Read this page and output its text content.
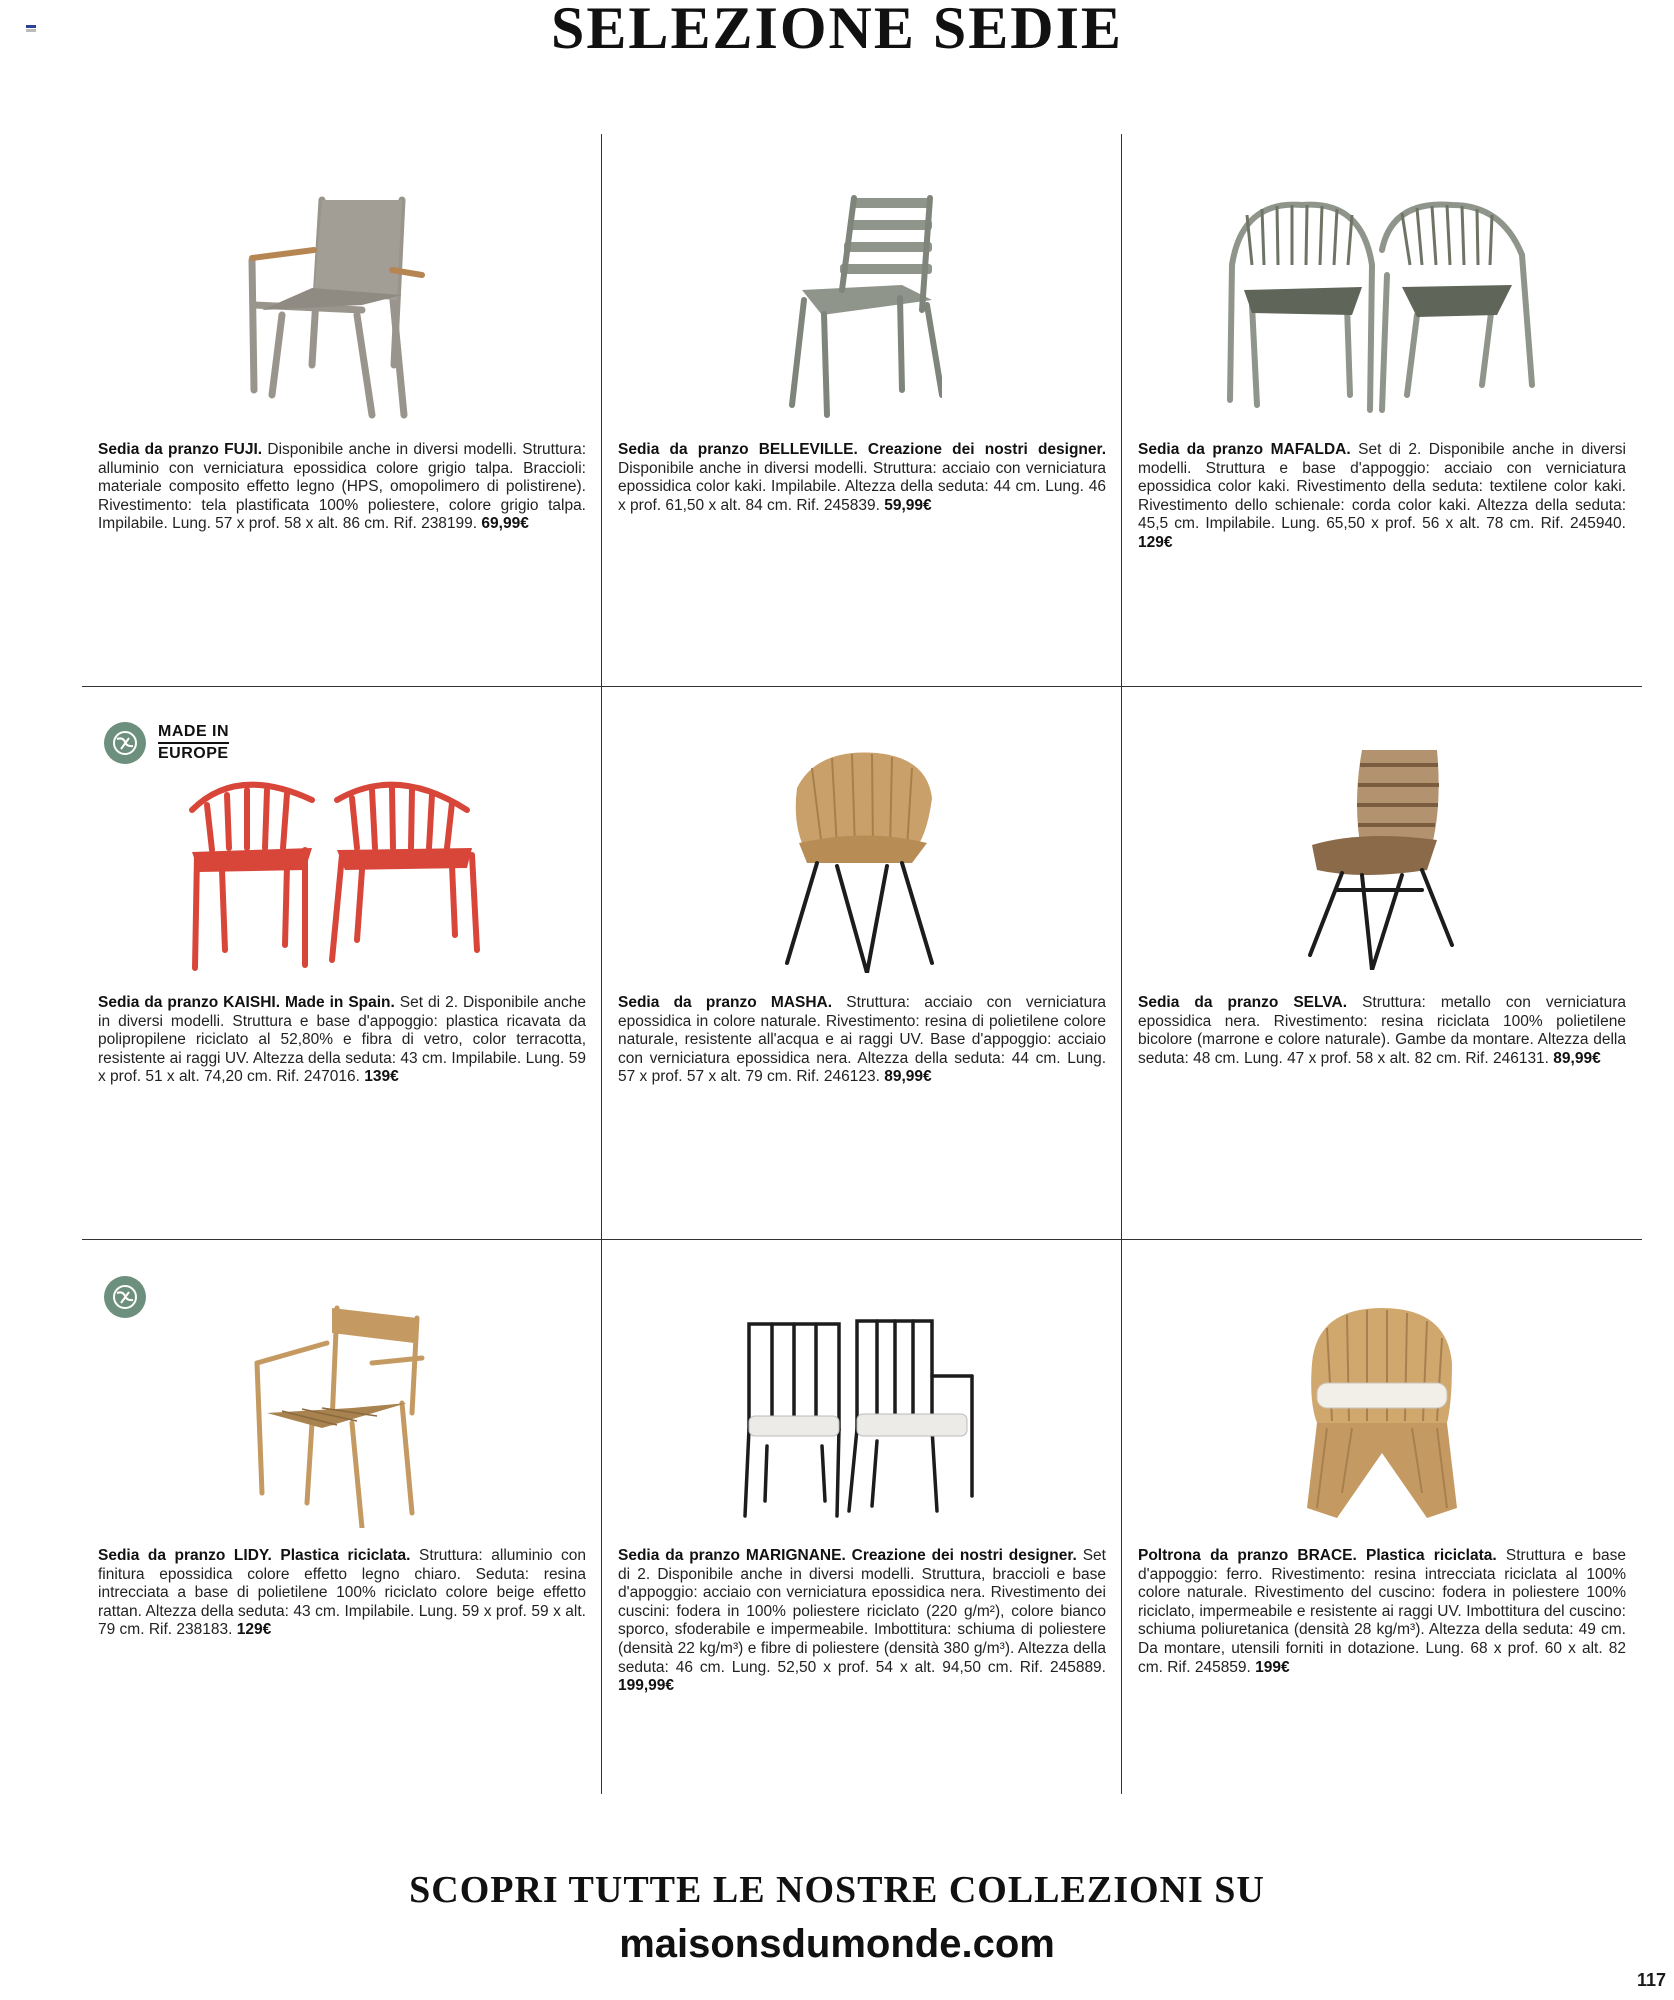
SELEZIONE SEDIE

Sedia da pranzo FUJI. Disponibile anche in diversi modelli. Struttura: alluminio con verniciatura epossidica colore grigio talpa. Braccioli: materiale composito effetto legno (HPS, omopolimero di polistirene). Rivestimento: tela plastificata 100% poliestere, colore grigio talpa. Impilabile. Lung. 57 x prof. 58 x alt. 86 cm. Rif. 238199. 69,99€

Sedia da pranzo BELLEVILLE. Creazione dei nostri designer. Disponibile anche in diversi modelli. Struttura: acciaio con verniciatura epossidica color kaki. Impilabile. Altezza della seduta: 44 cm. Lung. 46 x prof. 61,50 x alt. 84 cm. Rif. 245839. 59,99€

Sedia da pranzo MAFALDA. Set di 2. Disponibile anche in diversi modelli. Struttura e base d'appoggio: acciaio con verniciatura epossidica color kaki. Rivestimento della seduta: textilene color kaki. Rivestimento dello schienale: corda color kaki. Altezza della seduta: 45,5 cm. Impilabile. Lung. 65,50 x prof. 56 x alt. 78 cm. Rif. 245940. 129€

MADE IN
EUROPE

Sedia da pranzo KAISHI. Made in Spain. Set di 2. Disponibile anche in diversi modelli. Struttura e base d'appoggio: plastica ricavata da polipropilene riciclato al 52,80% e fibra di vetro, color terracotta, resistente ai raggi UV. Altezza della seduta: 43 cm. Impilabile. Lung. 59 x prof. 51 x alt. 74,20 cm. Rif. 247016. 139€

Sedia da pranzo MASHA. Struttura: acciaio con verniciatura epossidica in colore naturale. Rivestimento: resina di polietilene colore naturale, resistente all'acqua e ai raggi UV. Base d'appoggio: acciaio con verniciatura epossidica nera. Altezza della seduta: 44 cm. Lung. 57 x prof. 57 x alt. 79 cm. Rif. 246123. 89,99€

Sedia da pranzo SELVA. Struttura: metallo con verniciatura epossidica nera. Rivestimento: resina riciclata 100% polietilene bicolore (marrone e colore naturale). Gambe da montare. Altezza della seduta: 48 cm. Lung. 47 x prof. 58 x alt. 82 cm. Rif. 246131. 89,99€

Sedia da pranzo LIDY. Plastica riciclata. Struttura: alluminio con finitura epossidica colore effetto legno chiaro. Seduta: resina intrecciata a base di polietilene 100% riciclato colore beige effetto rattan. Altezza della seduta: 43 cm. Impilabile. Lung. 59 x prof. 59 x alt. 79 cm. Rif. 238183. 129€

Sedia da pranzo MARIGNANE. Creazione dei nostri designer. Set di 2. Disponibile anche in diversi modelli. Struttura, braccioli e base d'appoggio: acciaio con verniciatura epossidica nera. Rivestimento dei cuscini: fodera in 100% poliestere riciclato (220 g/m²), colore bianco sporco, sfoderabile e impermeabile. Imbottitura: schiuma di poliestere (densità 22 kg/m³) e fibre di poliestere (densità 380 g/m³). Altezza della seduta: 46 cm. Lung. 52,50 x prof. 54 x alt. 94,50 cm. Rif. 245889. 199,99€

Poltrona da pranzo BRACE. Plastica riciclata. Struttura e base d'appoggio: ferro. Rivestimento: resina intrecciata riciclata al 100% colore naturale. Rivestimento del cuscino: fodera in poliestere 100% riciclato, impermeabile e resistente ai raggi UV. Imbottitura del cuscino: schiuma poliuretanica (densità 28 kg/m³). Altezza della seduta: 49 cm. Da montare, utensili forniti in dotazione. Lung. 68 x prof. 60 x alt. 82 cm. Rif. 245859. 199€

SCOPRI TUTTE LE NOSTRE COLLEZIONI SU

maisonsdumonde.com

117
